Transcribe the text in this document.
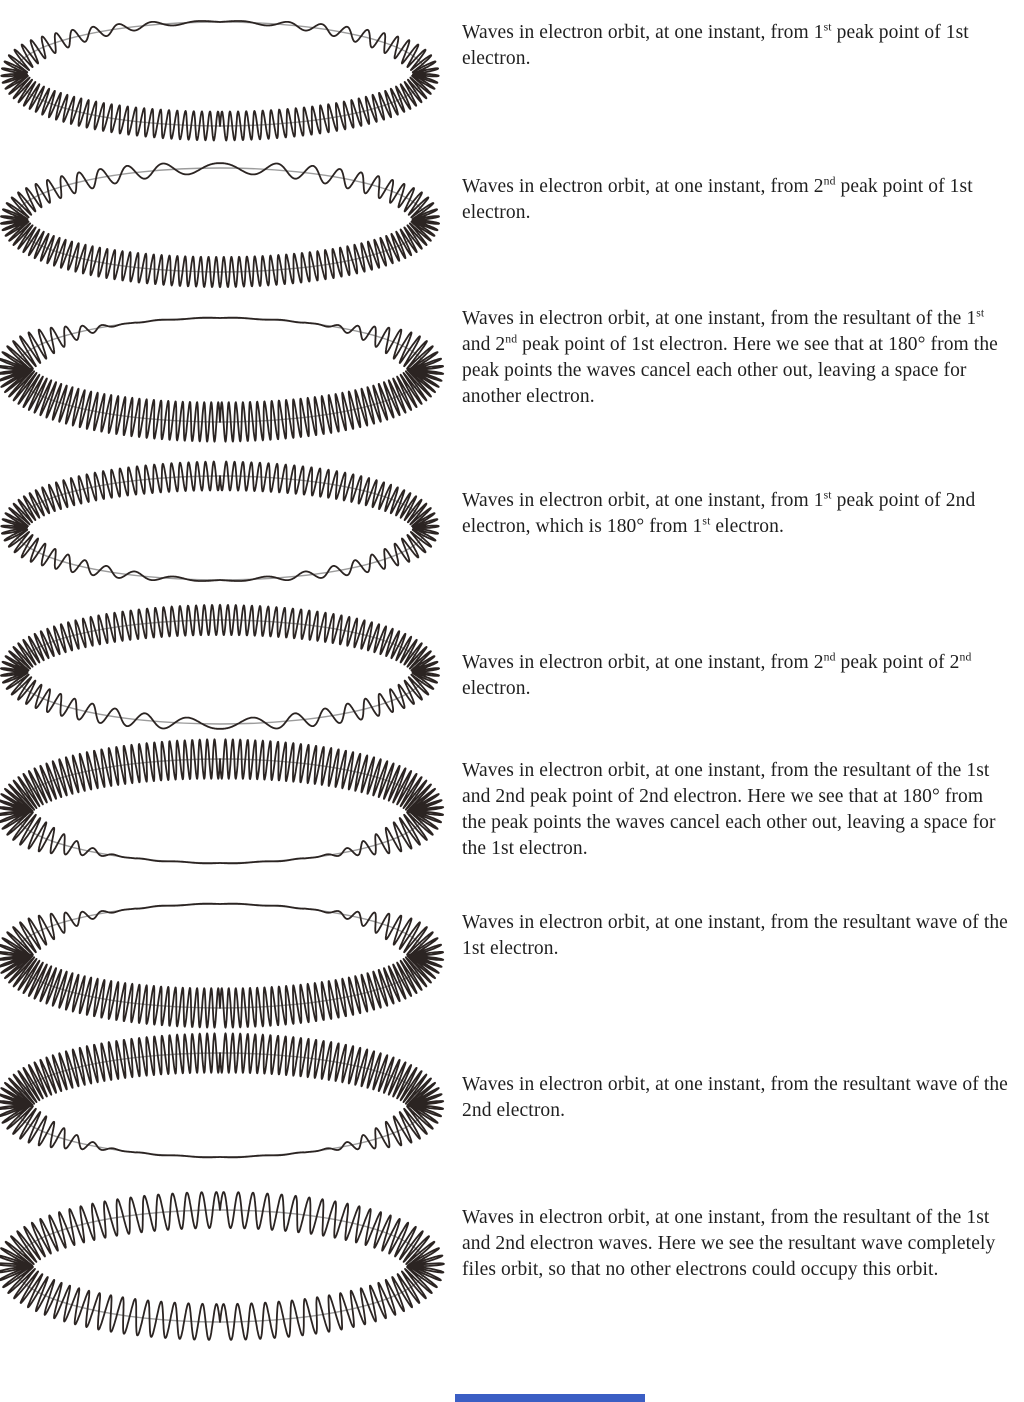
Waves in electron orbit, at one instant, from 1st peak point of 1st electron.
Waves in electron orbit, at one instant, from 2nd peak point of 1st electron.
Waves in electron orbit, at one instant, from the resultant of the 1st and 2nd peak point of 1st electron. Here we see that at 180° from the peak points the waves cancel each other out, leaving a space for another electron.
Waves in electron orbit, at one instant, from 1st peak point of 2nd electron, which is 180° from 1st electron.
Waves in electron orbit, at one instant, from 2nd peak point of 2nd electron.
Waves in electron orbit, at one instant, from the resultant of the 1st and 2nd peak point of 2nd electron. Here we see that at 180° from the peak points the waves cancel each other out, leaving a space for the 1st electron.
Waves in electron orbit, at one instant, from the resultant wave of the 1st electron.
Waves in electron orbit, at one instant, from the resultant wave of the 2nd electron.
Waves in electron orbit, at one instant, from the resultant of the 1st and 2nd electron waves. Here we see the resultant wave completely files orbit, so that no other electrons could occupy this orbit.
